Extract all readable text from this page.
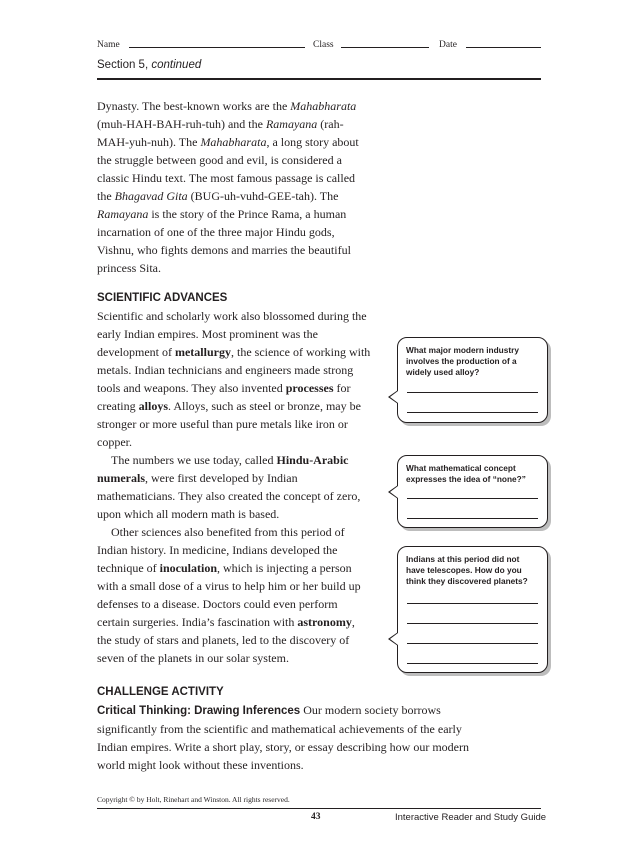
Name	Class	Date
Section 5, continued

Dynasty. The best-known works are the Mahabharata (muh-HAH-BAH-ruh-tuh) and the Ramayana (rah-MAH-yuh-nuh). The Mahabharata, a long story about the struggle between good and evil, is considered a classic Hindu text. The most famous passage is called the Bhagavad Gita (BUG-uh-vuhd-GEE-tah). The Ramayana is the story of the Prince Rama, a human incarnation of one of the three major Hindu gods, Vishnu, who fights demons and marries the beautiful princess Sita.

SCIENTIFIC ADVANCES

Scientific and scholarly work also blossomed during the early Indian empires. Most prominent was the development of metallurgy, the science of working with metals. Indian technicians and engineers made strong tools and weapons. They also invented processes for creating alloys. Alloys, such as steel or bronze, may be stronger or more useful than pure metals like iron or copper.

The numbers we use today, called Hindu-Arabic numerals, were first developed by Indian mathematicians. They also created the concept of zero, upon which all modern math is based.

Other sciences also benefited from this period of Indian history. In medicine, Indians developed the technique of inoculation, which is injecting a person with a small dose of a virus to help him or her build up defenses to a disease. Doctors could even perform certain surgeries. India’s fascination with astronomy, the study of stars and planets, led to the discovery of seven of the planets in our solar system.

CHALLENGE ACTIVITY

Critical Thinking: Drawing Inferences Our modern society borrows significantly from the scientific and mathematical achievements of the early Indian empires. Write a short play, story, or essay describing how our modern world might look without these inventions.

What major modern industry involves the production of a widely used alloy?
What mathematical concept expresses the idea of “none?”
Indians at this period did not have telescopes. How do you think they discovered planets?
Copyright © by Holt, Rinehart and Winston. All rights reserved.
43	Interactive Reader and Study Guide
